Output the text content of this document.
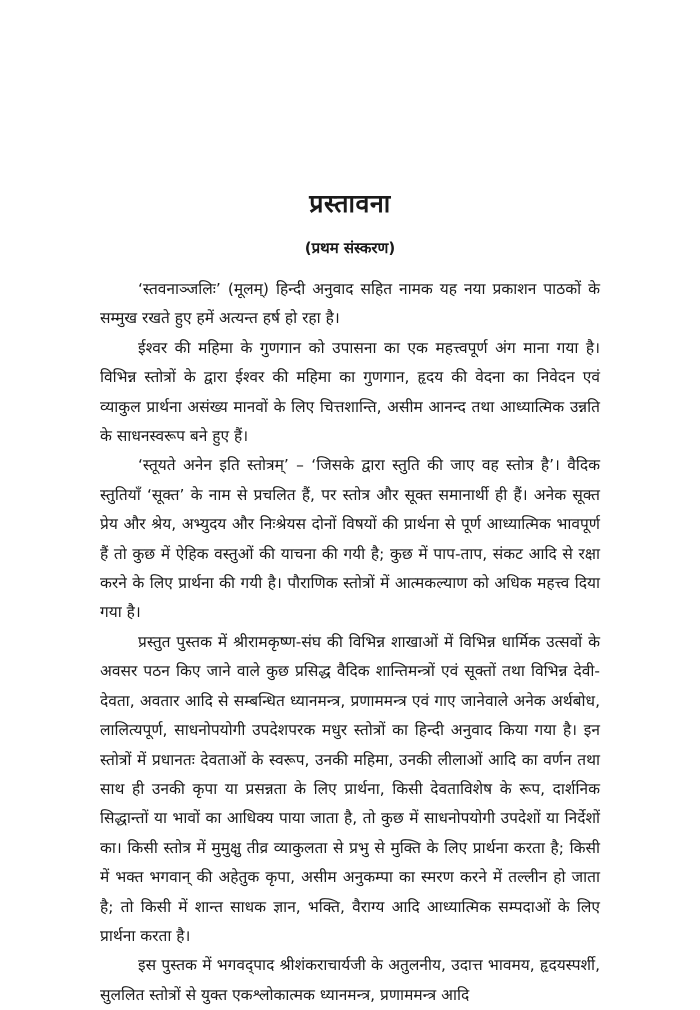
प्रस्तावना
(प्रथम संस्करण)

‘स्तवनाञ्जलिः’ (मूलम्) हिन्दी अनुवाद सहित नामक यह नया प्रकाशन पाठकों के सम्मुख रखते हुए हमें अत्यन्त हर्ष हो रहा है।

ईश्वर की महिमा के गुणगान को उपासना का एक महत्त्वपूर्ण अंग माना गया है। विभिन्न स्तोत्रों के द्वारा ईश्वर की महिमा का गुणगान, हृदय की वेदना का निवेदन एवं व्याकुल प्रार्थना असंख्य मानवों के लिए चित्तशान्ति, असीम आनन्द तथा आध्यात्मिक उन्नति के साधनस्वरूप बने हुए हैं।

‘स्तूयते अनेन इति स्तोत्रम्’ – ‘जिसके द्वारा स्तुति की जाए वह स्तोत्र है’। वैदिक स्तुतियाँ ‘सूक्त’ के नाम से प्रचलित हैं, पर स्तोत्र और सूक्त समानार्थी ही हैं। अनेक सूक्त प्रेय और श्रेय, अभ्युदय और निःश्रेयस दोनों विषयों की प्रार्थना से पूर्ण आध्यात्मिक भावपूर्ण हैं तो कुछ में ऐहिक वस्तुओं की याचना की गयी है; कुछ में पाप-ताप, संकट आदि से रक्षा करने के लिए प्रार्थना की गयी है। पौराणिक स्तोत्रों में आत्मकल्याण को अधिक महत्त्व दिया गया है।

प्रस्तुत पुस्तक में श्रीरामकृष्ण-संघ की विभिन्न शाखाओं में विभिन्न धार्मिक उत्सवों के अवसर पठन किए जाने वाले कुछ प्रसिद्ध वैदिक शान्तिमन्त्रों एवं सूक्तों तथा विभिन्न देवी-देवता, अवतार आदि से सम्बन्धित ध्यानमन्त्र, प्रणाममन्त्र एवं गाए जानेवाले अनेक अर्थबोध, लालित्यपूर्ण, साधनोपयोगी उपदेशपरक मधुर स्तोत्रों का हिन्दी अनुवाद किया गया है। इन स्तोत्रों में प्रधानतः देवताओं के स्वरूप, उनकी महिमा, उनकी लीलाओं आदि का वर्णन तथा साथ ही उनकी कृपा या प्रसन्नता के लिए प्रार्थना, किसी देवताविशेष के रूप, दार्शनिक सिद्धान्तों या भावों का आधिक्य पाया जाता है, तो कुछ में साधनोपयोगी उपदेशों या निर्देशों का। किसी स्तोत्र में मुमुक्षु तीव्र व्याकुलता से प्रभु से मुक्ति के लिए प्रार्थना करता है; किसी में भक्त भगवान् की अहेतुक कृपा, असीम अनुकम्पा का स्मरण करने में तल्लीन हो जाता है; तो किसी में शान्त साधक ज्ञान, भक्ति, वैराग्य आदि आध्यात्मिक सम्पदाओं के लिए प्रार्थना करता है।

इस पुस्तक में भगवद्पाद श्रीशंकराचार्यजी के अतुलनीय, उदात्त भावमय, हृदयस्पर्शी, सुललित स्तोत्रों से युक्त एकश्लोकात्मक ध्यानमन्त्र, प्रणाममन्त्र आदि
